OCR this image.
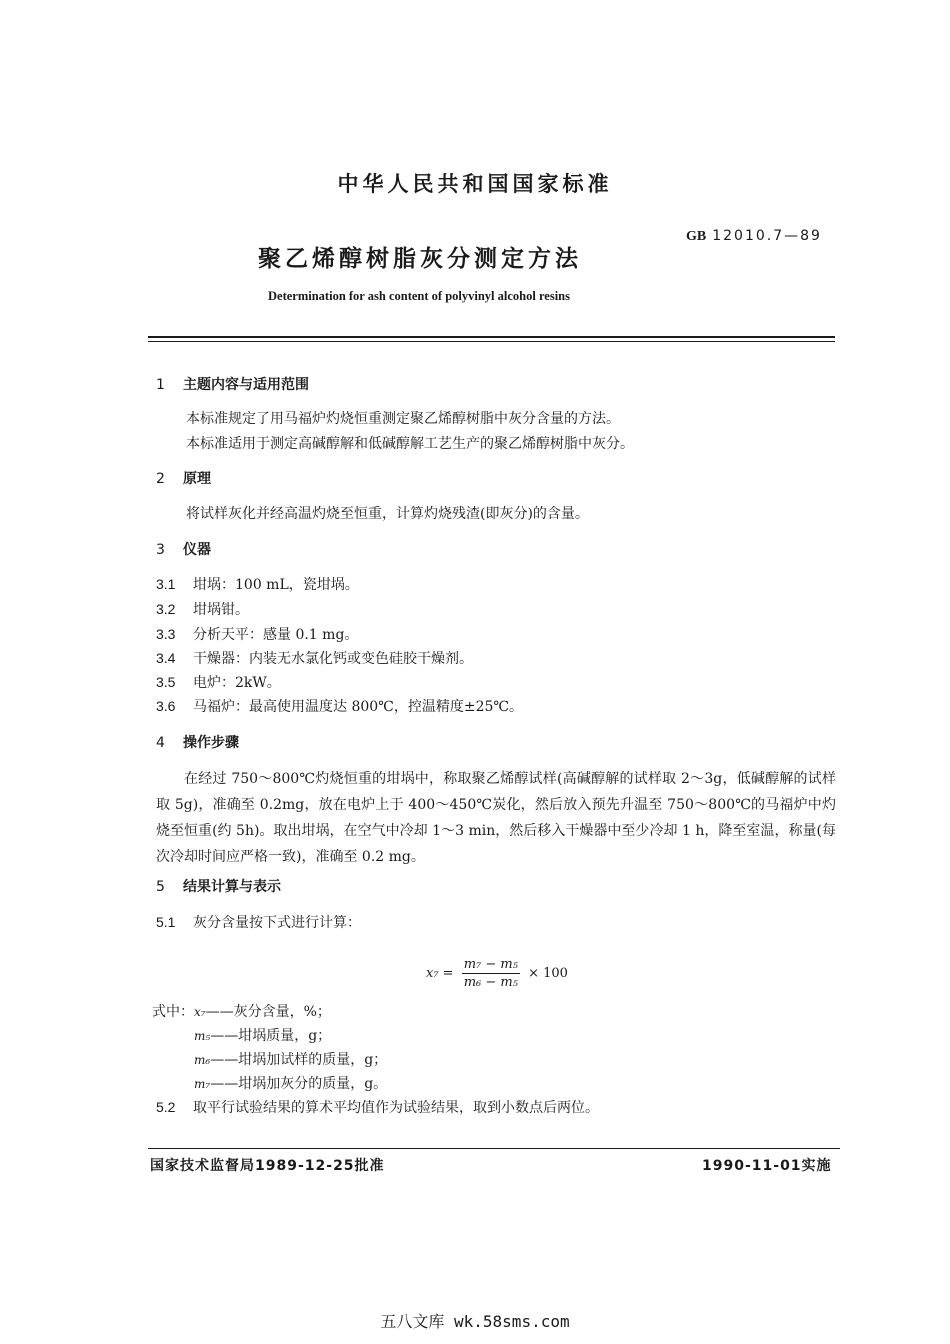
中华人民共和国国家标准
GB 12010.7—89
聚乙烯醇树脂灰分测定方法
Determination for ash content of polyvinyl alcohol resins
1 主题内容与适用范围
本标准规定了用马福炉灼烧恒重测定聚乙烯醇树脂中灰分含量的方法。
本标准适用于测定高碱醇解和低碱醇解工艺生产的聚乙烯醇树脂中灰分。
2 原理
将试样灰化并经高温灼烧至恒重，计算灼烧残渣(即灰分)的含量。
3 仪器
3.1 坩埚：100 mL，瓷坩埚。
3.2 坩埚钳。
3.3 分析天平：感量 0.1 mg。
3.4 干燥器：内装无水氯化钙或变色硅胶干燥剂。
3.5 电炉：2kW。
3.6 马福炉：最高使用温度达 800℃，控温精度±25℃。
4 操作步骤
在经过 750～800℃灼烧恒重的坩埚中，称取聚乙烯醇试样(高碱醇解的试样取 2～3g，低碱醇解的试样取 5g)，准确至 0.2mg，放在电炉上于 400～450℃炭化，然后放入预先升温至 750～800℃的马福炉中灼烧至恒重(约 5h)。取出坩埚，在空气中冷却 1～3 min，然后移入干燥器中至少冷却 1 h，降至室温，称量(每次冷却时间应严格一致)，准确至 0.2 mg。
5 结果计算与表示
5.1 灰分含量按下式进行计算：
$x_7 = \frac{\text{m₇ − m₅}}{\text{m₆ − m₅}} \times 100$
式中：x₇——灰分含量，%；
m₅——坩埚质量，g；
m₆——坩埚加试样的质量，g；
m₇——坩埚加灰分的质量，g。
5.2 取平行试验结果的算术平均值作为试验结果，取到小数点后两位。
国家技术监督局1989-12-25批准	1990-11-01实施
五八文库 wk.58sms.com
